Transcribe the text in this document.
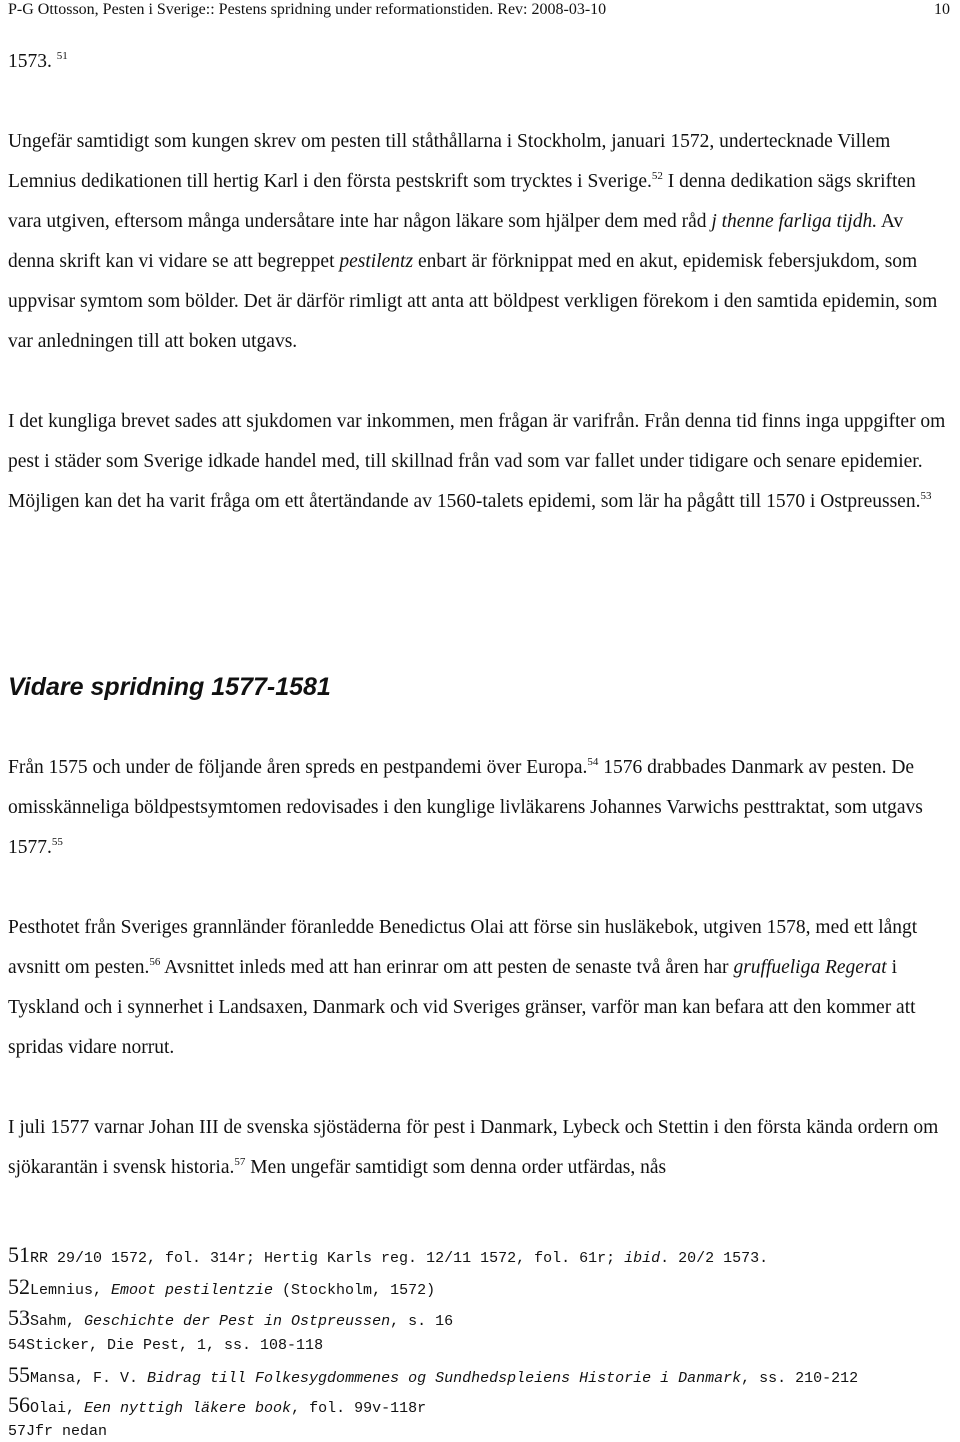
P-G Ottosson, Pesten i Sverige:: Pestens spridning under reformationstiden. Rev: 2008-03-10	10

1573. $^{51}$

Ungefär samtidigt som kungen skrev om pesten till ståthållarna i Stockholm, januari 1572, undertecknade Villem Lemnius dedikationen till hertig Karl i den första pestskrift som trycktes i Sverige.$^{52}$ I denna dedikation sägs skriften vara utgiven, eftersom många undersåtare inte har någon läkare som hjälper dem med råd j thenne farliga tijdh. Av denna skrift kan vi vidare se att begreppet pestilentz enbart är förknippat med en akut, epidemisk febersjukdom, som uppvisar symtom som bölder. Det är därför rimligt att anta att böldpest verkligen förekom i den samtida epidemin, som var anledningen till att boken utgavs.

I det kungliga brevet sades att sjukdomen var inkommen, men frågan är varifrån. Från denna tid finns inga uppgifter om pest i städer som Sverige idkade handel med, till skillnad från vad som var fallet under tidigare och senare epidemier. Möjligen kan det ha varit fråga om ett återtändande av 1560-talets epidemi, som lär ha pågått till 1570 i Ostpreussen.$^{53}$

Vidare spridning 1577-1581

Från 1575 och under de följande åren spreds en pestpandemi över Europa.$^{54}$ 1576 drabbades Danmark av pesten. De omisskänneliga böldpestsymtomen redovisades i den kunglige livläkarens Johannes Varwichs pesttraktat, som utgavs 1577.55

Pesthotet från Sveriges grannländer föranledde Benedictus Olai att förse sin husläkebok, utgiven 1578, med ett långt avsnitt om pesten.$^{56}$ Avsnittet inleds med att han erinrar om att pesten de senaste två åren har gruffueliga Regerat i Tyskland och i synnerhet i Landsaxen, Danmark och vid Sveriges gränser, varför man kan befara att den kommer att spridas vidare norrut.

I juli 1577 varnar Johan III de svenska sjöstäderna för pest i Danmark, Lybeck och Stettin i den första kända ordern om sjökarantän i svensk historia.$^{57}$ Men ungefär samtidigt som denna order utfärdas, nås

51RR 29/10 1572, fol. 314r; Hertig Karls reg. 12/11 1572, fol. 61r; ibid. 20/2 1573.
52Lemnius, Emoot pestilentzie (Stockholm, 1572)
53Sahm, Geschichte der Pest in Ostpreussen, s. 16
54Sticker, Die Pest, 1, ss. 108-118
55Mansa, F. V. Bidrag till Folkesygdommenes og Sundhedspleiens Historie i Danmark, ss. 210-212
56Olai, Een nyttigh läkere book, fol. 99v-118r
57Jfr nedan
